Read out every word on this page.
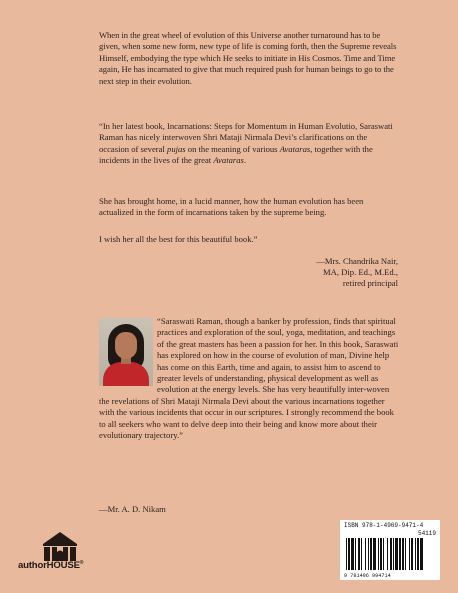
When in the great wheel of evolution of this Universe another turnaround has to be given, when some new form, new type of life is coming forth, then the Supreme reveals Himself, embodying the type which He seeks to initiate in His Cosmos. Time and Time again, He has incarnated to give that much required push for human beings to go to the next step in their evolution.

“In her latest book, Incarnations: Steps for Momentum in Human Evolutio, Saraswati Raman has nicely interwoven Shri Mataji Nirmala Devi’s clarifications on the occasion of several pujas on the meaning of various Avataras, together with the incidents in the lives of the great Avataras.

She has brought home, in a lucid manner, how the human evolution has been actualized in the form of incarnations taken by the supreme being.

I wish her all the best for this beautiful book.”

—Mrs. Chandrika Nair,
MA, Dip. Ed., M.Ed.,
retired principal
“Saraswati Raman, though a banker by profession, finds that spiritual practices and exploration of the soul, yoga, meditation, and teachings of the great masters has been a passion for her. In this book, Saraswati has explored on how in the course of evolution of man, Divine help has come on this Earth, time and again, to assist him to ascend to greater levels of understanding, physical development as well as evolution at the energy levels. She has very beautifully inter-woven the revelations of Shri Mataji Nirmala Devi about the various incarnations together with the various incidents that occur in our scriptures. I strongly recommend the book to all seekers who want to delve deep into their being and know more about their evolutionary trajectory.”

—Mr. A. D. Nikam

authorHOUSE®
ISBN 978-1-4969-9471-4
54119
9 781496 994714
